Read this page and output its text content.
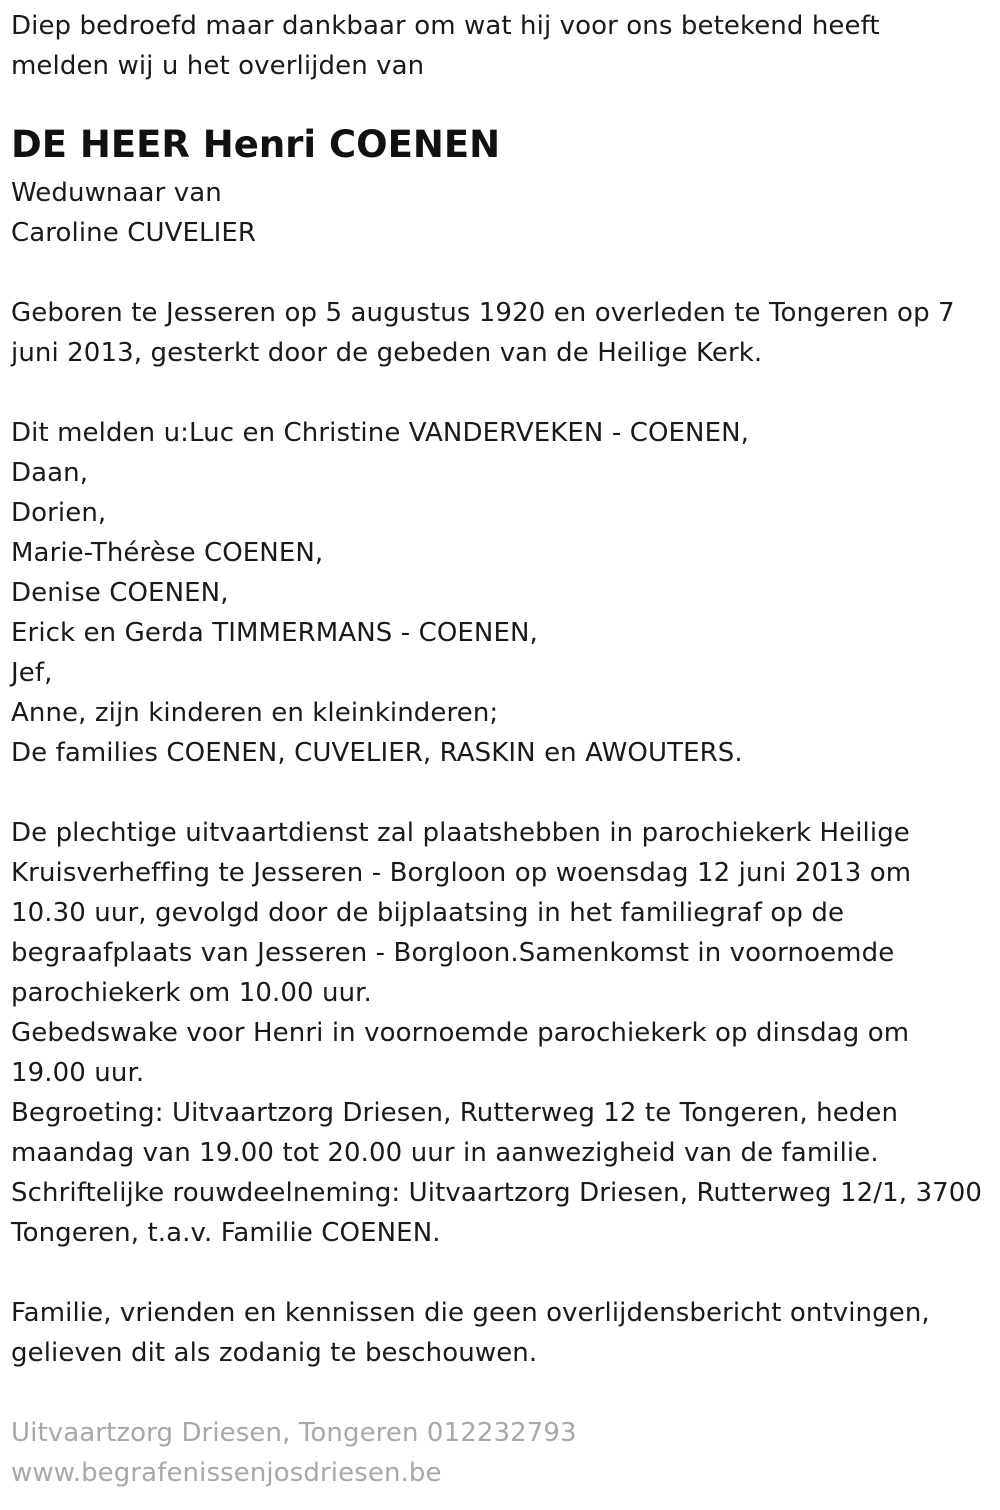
Diep bedroefd maar dankbaar om wat hij voor ons betekend heeft
melden wij u het overlijden van
DE HEER Henri COENEN
Weduwnaar van
Caroline CUVELIER
Geboren te Jesseren op 5 augustus 1920 en overleden te Tongeren op 7
juni 2013, gesterkt door de gebeden van de Heilige Kerk.
Dit melden u:Luc en Christine VANDERVEKEN - COENEN,
Daan,
Dorien,
Marie-Thérèse COENEN,
Denise COENEN,
Erick en Gerda TIMMERMANS - COENEN,
Jef,
Anne, zijn kinderen en kleinkinderen;
De families COENEN, CUVELIER, RASKIN en AWOUTERS.
De plechtige uitvaartdienst zal plaatshebben in parochiekerk Heilige
Kruisverheffing te Jesseren - Borgloon op woensdag 12 juni 2013 om
10.30 uur, gevolgd door de bijplaatsing in het familiegraf op de
begraafplaats van Jesseren - Borgloon.Samenkomst in voornoemde
parochiekerk om 10.00 uur.
Gebedswake voor Henri in voornoemde parochiekerk op dinsdag om
19.00 uur.
Begroeting: Uitvaartzorg Driesen, Rutterweg 12 te Tongeren, heden
maandag van 19.00 tot 20.00 uur in aanwezigheid van de familie.
Schriftelijke rouwdeelneming: Uitvaartzorg Driesen, Rutterweg 12/1, 3700
Tongeren, t.a.v. Familie COENEN.
Familie, vrienden en kennissen die geen overlijdensbericht ontvingen,
gelieven dit als zodanig te beschouwen.
Uitvaartzorg Driesen, Tongeren 012232793
www.begrafenissenjosdriesen.be
